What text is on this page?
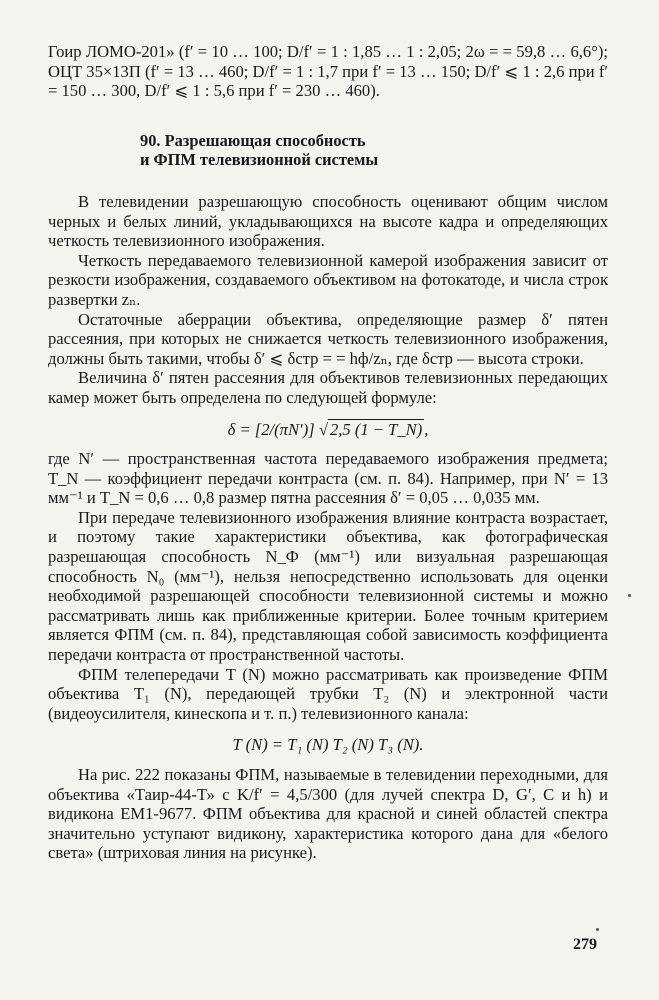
Гоир ЛОМО-201» (f′ = 10 … 100; D/f′ = 1 : 1,85 … 1 : 2,05; 2ω = = 59,8 … 6,6°); ОЦТ 35×13П (f′ = 13 … 460; D/f′ = 1 : 1,7 при f′ = 13 … 150; D/f′ ⩽ 1 : 2,6 при f′ = 150 … 300, D/f′ ⩽ 1 : 5,6 при f′ = 230 … 460).

90. Разрешающая способность
и ФПМ телевизионной системы

В телевидении разрешающую способность оценивают общим числом черных и белых линий, укладывающихся на высоте кадра и определяющих четкость телевизионного изображения.

Четкость передаваемого телевизионной камерой изображения зависит от резкости изображения, создаваемого объективом на фотокатоде, и числа строк развертки zₙ.

Остаточные аберрации объектива, определяющие размер δ′ пятен рассеяния, при которых не снижается четкость телевизионного изображения, должны быть такими, чтобы δ′ ⩽ δстр = = hф/zₙ, где δстр — высота строки.

Величина δ′ пятен рассеяния для объективов телевизионных передающих камер может быть определена по следующей формуле:

δ = [2/(πN′)] √ 2,5 (1 − T_N) ,

где N′ — пространственная частота передаваемого изображения предмета; T_N — коэффициент передачи контраста (см. п. 84). Например, при N′ = 13 мм⁻¹ и T_N = 0,6 … 0,8 размер пятна рассеяния δ′ = 0,05 … 0,035 мм.

При передаче телевизионного изображения влияние контраста возрастает, и поэтому такие характеристики объектива, как фотографическая разрешающая способность N_Ф (мм⁻¹) или визуальная разрешающая способность N₀ (мм⁻¹), нельзя непосредственно использовать для оценки необходимой разрешающей способности телевизионной системы и можно рассматривать лишь как приближенные критерии. Более точным критерием является ФПМ (см. п. 84), представляющая собой зависимость коэффициента передачи контраста от пространственной частоты.

ФПМ телепередачи T (N) можно рассматривать как произведение ФПМ объектива T₁ (N), передающей трубки T₂ (N) и электронной части (видеоусилителя, кинескопа и т. п.) телевизионного канала:

T (N) = T₁ (N) T₂ (N) T₃ (N).

На рис. 222 показаны ФПМ, называемые в телевидении переходными, для объектива «Таир-44-Т» с K/f′ = 4,5/300 (для лучей спектра D, G′, C и h) и видикона ЕМ1-9677. ФПМ объектива для красной и синей областей спектра значительно уступают видикону, характеристика которого дана для «белого света» (штриховая линия на рисунке).

279
